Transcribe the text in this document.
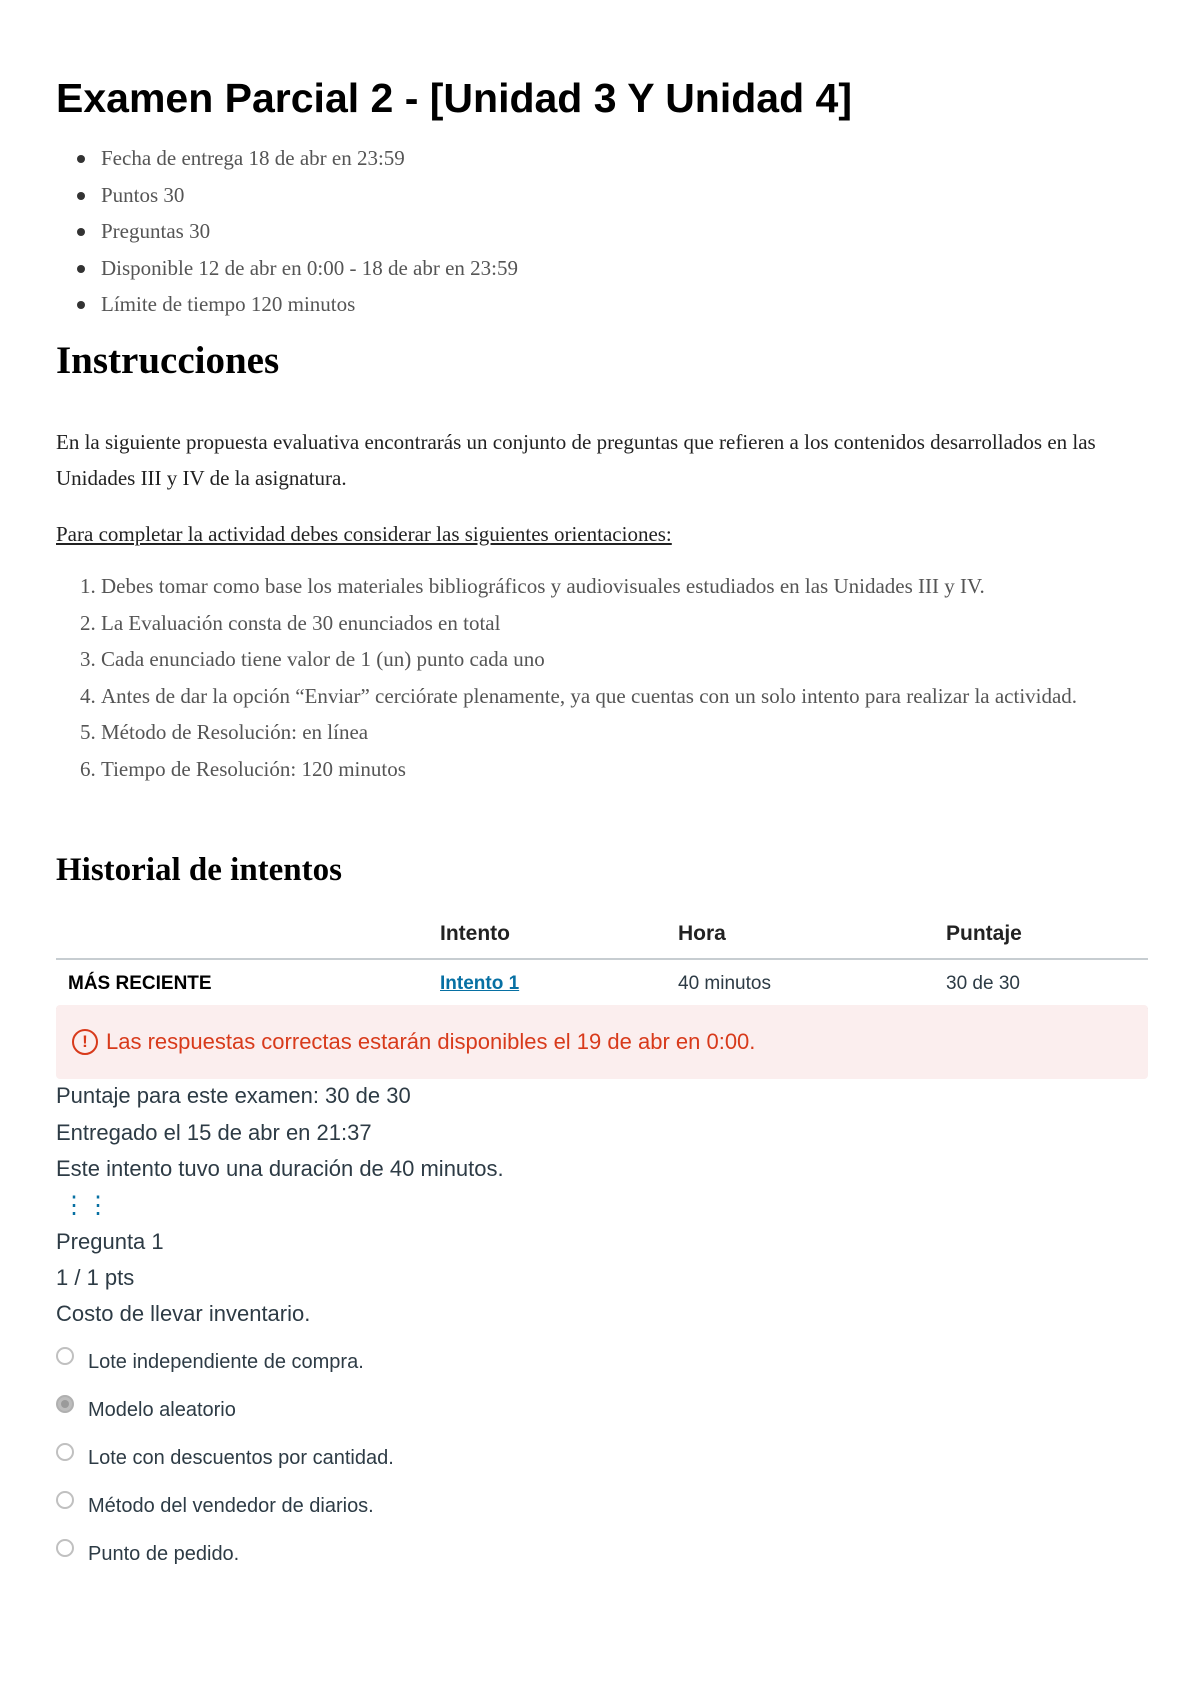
Examen Parcial 2 - [Unidad 3 Y Unidad 4]
Fecha de entrega 18 de abr en 23:59
Puntos 30
Preguntas 30
Disponible 12 de abr en 0:00 - 18 de abr en 23:59
Límite de tiempo 120 minutos
Instrucciones

En la siguiente propuesta evaluativa encontrarás un conjunto de preguntas que refieren a los contenidos desarrollados en las Unidades III y IV de la asignatura.

Para completar la actividad debes considerar las siguientes orientaciones:

1. Debes tomar como base los materiales bibliográficos y audiovisuales estudiados en las Unidades III y IV.
2. La Evaluación consta de 30 enunciados en total
3. Cada enunciado tiene valor de 1 (un) punto cada uno
4. Antes de dar la opción “Enviar” cerciórate plenamente, ya que cuentas con un solo intento para realizar la actividad.
5. Método de Resolución: en línea
6. Tiempo de Resolución: 120 minutos
Historial de intentos
	Intento	Hora	Puntaje
MÁS RECIENTE	Intento 1	40 minutos	30 de 30
! Las respuestas correctas estarán disponibles el 19 de abr en 0:00.
Puntaje para este examen: 30 de 30
Entregado el 15 de abr en 21:37
Este intento tuvo una duración de 40 minutos.
⋮⋮
Pregunta 1
1 / 1 pts
Costo de llevar inventario.
Lote independiente de compra.
Modelo aleatorio
Lote con descuentos por cantidad.
Método del vendedor de diarios.
Punto de pedido.
